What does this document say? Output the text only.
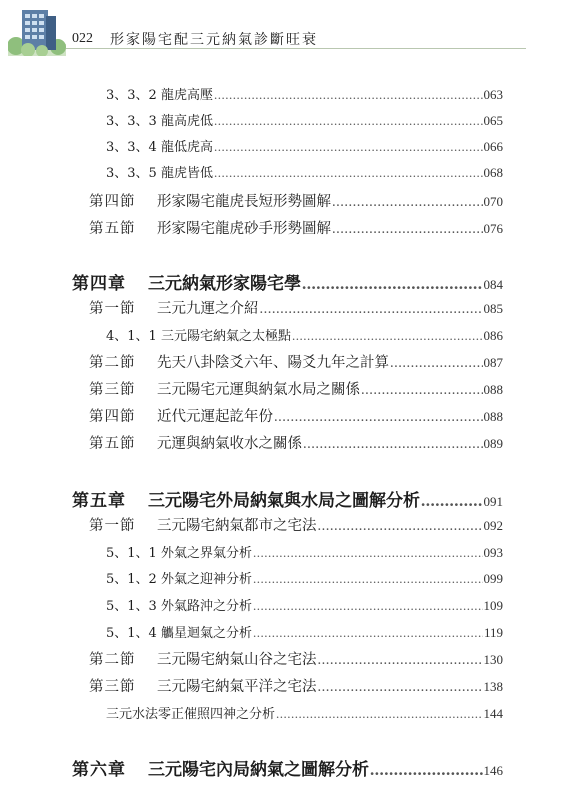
022 形家陽宅配三元納氣診斷旺衰
3、3、2 龍虎高壓 .....	063
3、3、3 龍高虎低 .....	065
3、3、4 龍低虎高 .....	066
3、3、5 龍虎皆低 .....	068
第四節	形家陽宅龍虎長短形勢圖解 .....	070
第五節	形家陽宅龍虎砂手形勢圖解 .....	076
第四章	三元納氣形家陽宅學 .....	084
第一節	三元九運之介紹 .....	085
4、1、1 三元陽宅納氣之太極點 .....	086
第二節	先天八卦陰爻六年、陽爻九年之計算 .....	087
第三節	三元陽宅元運與納氣水局之關係 .....	088
第四節	近代元運起訖年份 .....	088
第五節	元運與納氣收水之關係 .....	089
第五章	三元陽宅外局納氣與水局之圖解分析 .....	091
第一節	三元陽宅納氣都市之宅法 .....	092
5、1、1 外氣之界氣分析 .....	093
5、1、2 外氣之迎神分析 .....	099
5、1、3 外氣路沖之分析 .....	109
5、1、4 觿星迴氣之分析 .....	119
第二節	三元陽宅納氣山谷之宅法 .....	130
第三節	三元陽宅納氣平洋之宅法 .....	138
三元水法零正催照四神之分析 .....	144
第六章	三元陽宅內局納氣之圖解分析 .....	146
